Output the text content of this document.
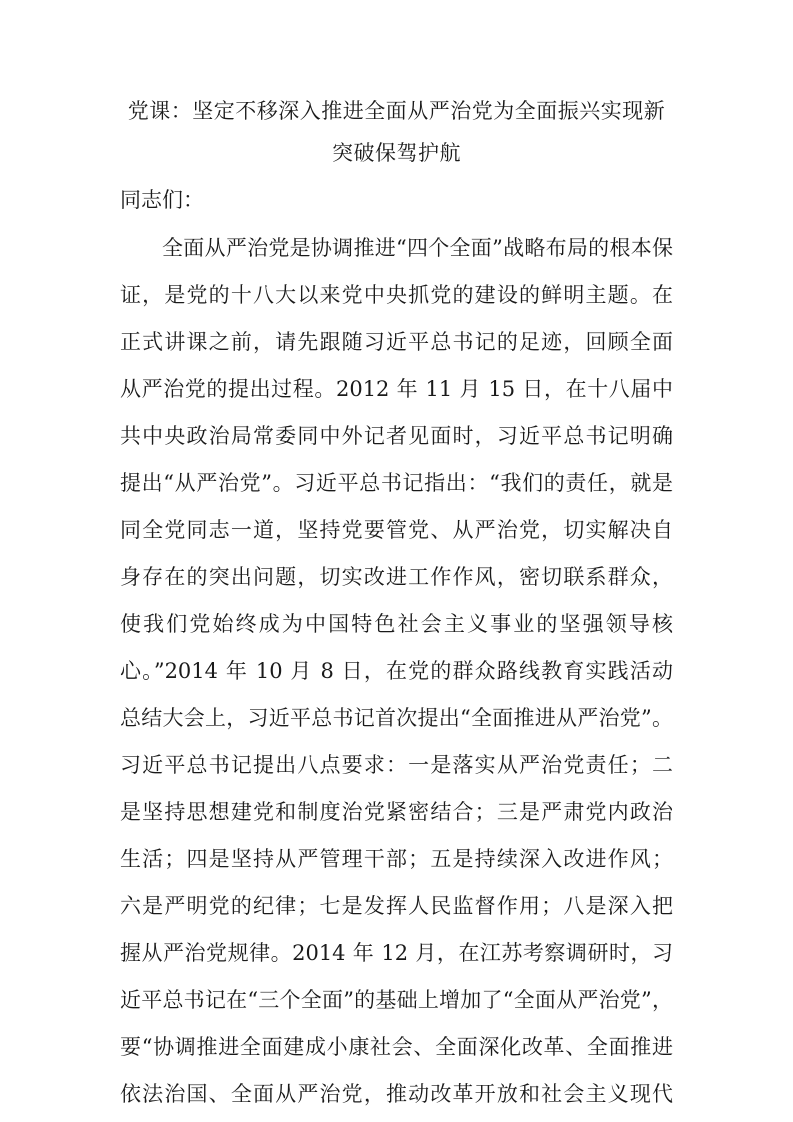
党课：坚定不移深入推进全面从严治党为全面振兴实现新
突破保驾护航
同志们：
全面从严治党是协调推进“四个全面”战略布局的根本保
证，是党的十八大以来党中央抓党的建设的鲜明主题。在
正式讲课之前，请先跟随习近平总书记的足迹，回顾全面
从严治党的提出过程。2012 年 11 月 15 日，在十八届中
共中央政治局常委同中外记者见面时，习近平总书记明确
提出“从严治党”。习近平总书记指出：“我们的责任，就是
同全党同志一道，坚持党要管党、从严治党，切实解决自
身存在的突出问题，切实改进工作作风，密切联系群众，
使我们党始终成为中国特色社会主义事业的坚强领导核
心。”2014 年 10 月 8 日，在党的群众路线教育实践活动
总结大会上，习近平总书记首次提出“全面推进从严治党”。
习近平总书记提出八点要求：一是落实从严治党责任；二
是坚持思想建党和制度治党紧密结合；三是严肃党内政治
生活；四是坚持从严管理干部；五是持续深入改进作风；
六是严明党的纪律；七是发挥人民监督作用；八是深入把
握从严治党规律。2014 年 12 月，在江苏考察调研时，习
近平总书记在“三个全面”的基础上增加了“全面从严治党”，
要“协调推进全面建成小康社会、全面深化改革、全面推进
依法治国、全面从严治党，推动改革开放和社会主义现代
